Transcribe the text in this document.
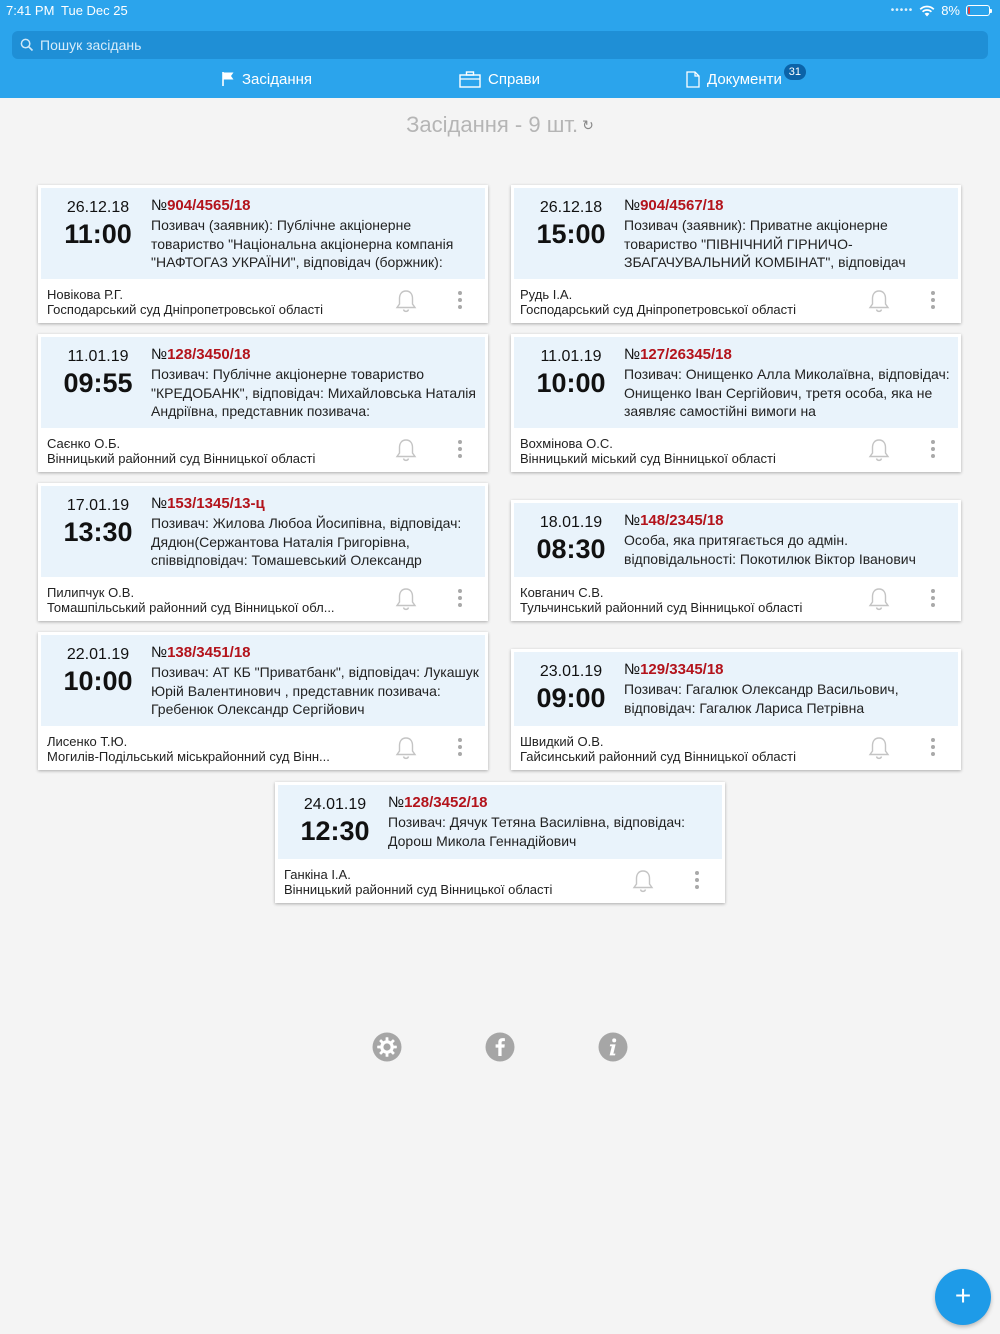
7:41 PM Tue Dec 25	••••• 8%
Пошук засідань
Засідання	Справи	Документи 31
Засідання - 9 шт. ↻
26.12.18
11:00
№904/4565/18
Позивач (заявник): Публічне акціонерне товариство "Національна акціонерна компанія "НАФТОГАЗ УКРАЇНИ", відповідач (боржник):
Новікова Р.Г.
Господарський суд Дніпропетровської області
26.12.18
15:00
№904/4567/18
Позивач (заявник): Приватне акціонерне товариство "ПІВНІЧНИЙ ГІРНИЧО-ЗБАГАЧУВАЛЬНИЙ КОМБІНАТ", відповідач
Рудь І.А.
Господарський суд Дніпропетровської області
11.01.19
09:55
№128/3450/18
Позивач: Публічне акціонерне товариство "КРЕДОБАНК", відповідач: Михайловська Наталія Андріївна, представник позивача:
Саєнко О.Б.
Вінницький районний суд Вінницької області
11.01.19
10:00
№127/26345/18
Позивач: Онищенко Алла Миколаївна, відповідач: Онищенко Іван Сергійович, третя особа, яка не заявляє самостійні вимоги на
Вохмінова О.С.
Вінницький міський суд Вінницької області
17.01.19
13:30
№153/1345/13-ц
Позивач: Жилова Любоа Йосипівна, відповідач: Дядюн(Сержантова Наталія Григорівна, співвідповідач: Томашевський Олександр
Пилипчук О.В.
Томашпільський районний суд Вінницької обл...
18.01.19
08:30
№148/2345/18
Особа, яка притягається до адмін. відповідальності: Покотилюк Віктор Іванович
Ковганич С.В.
Тульчинський районний суд Вінницької області
22.01.19
10:00
№138/3451/18
Позивач: АТ КБ "Приватбанк", відповідач: Лукашук Юрій Валентинович , представник позивача: Гребенюк Олександр Сергійович
Лисенко Т.Ю.
Могилів-Подільський міськрайонний суд Вінн...
23.01.19
09:00
№129/3345/18
Позивач: Гагалюк Олександр Васильович, відповідач: Гагалюк Лариса Петрівна
Швидкий О.В.
Гайсинський районний суд Вінницької області
24.01.19
12:30
№128/3452/18
Позивач: Дячук Тетяна Василівна, відповідач: Дорош Микола Геннадійович
Ганкіна І.А.
Вінницький районний суд Вінницької області
+
